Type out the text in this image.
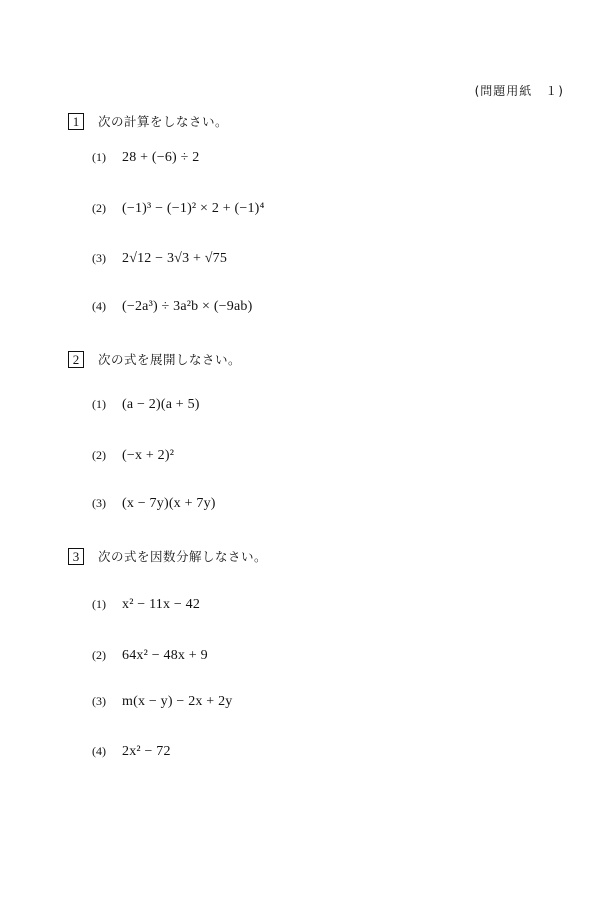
(問題用紙　１)
1	次の計算をしなさい。
(1)	28 + (−6) ÷ 2
(2)	(−1)³ − (−1)² × 2 + (−1)⁴
(3)	2√12 − 3√3 + √75
(4)	(−2a³) ÷ 3a²b × (−9ab)
2	次の式を展開しなさい。
(1)	(a − 2)(a + 5)
(2)	(−x + 2)²
(3)	(x − 7y)(x + 7y)
3	次の式を因数分解しなさい。
(1)	x² − 11x − 42
(2)	64x² − 48x + 9
(3)	m(x − y) − 2x + 2y
(4)	2x² − 72
